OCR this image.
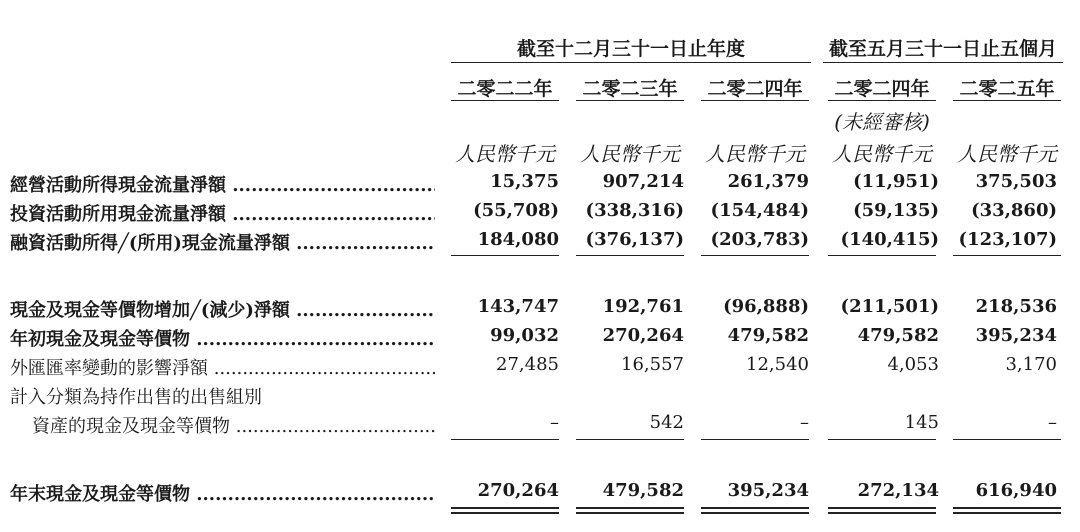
截至十二月三十一日止年度	截至五月三十一日止五個月
二零二二年	二零二三年	二零二四年	二零二四年	二零二五年
(未經審核)
人民幣千元 人民幣千元 人民幣千元 人民幣千元 人民幣千元
經營活動所得現金流量淨額 .....	15,375	907,214	261,379	(11,951)	375,503
投資活動所用現金流量淨額 .....	(55,708)	(338,316)	(154,484)	(59,135)	(33,860)
融資活動所得╱(所用)現金流量淨額 .....	184,080	(376,137)	(203,783)	(140,415)	(123,107)
現金及現金等價物增加╱(減少)淨額 .....	143,747	192,761	(96,888)	(211,501)	218,536
年初現金及現金等價物 .....	99,032	270,264	479,582	479,582	395,234
外匯匯率變動的影響淨額 .....	27,485	16,557	12,540	4,053	3,170
計入分類為持作出售的出售組別
資產的現金及現金等價物 .....	–	542	–	145	–
年末現金及現金等價物 .....	270,264	479,582	395,234	272,134	616,940
